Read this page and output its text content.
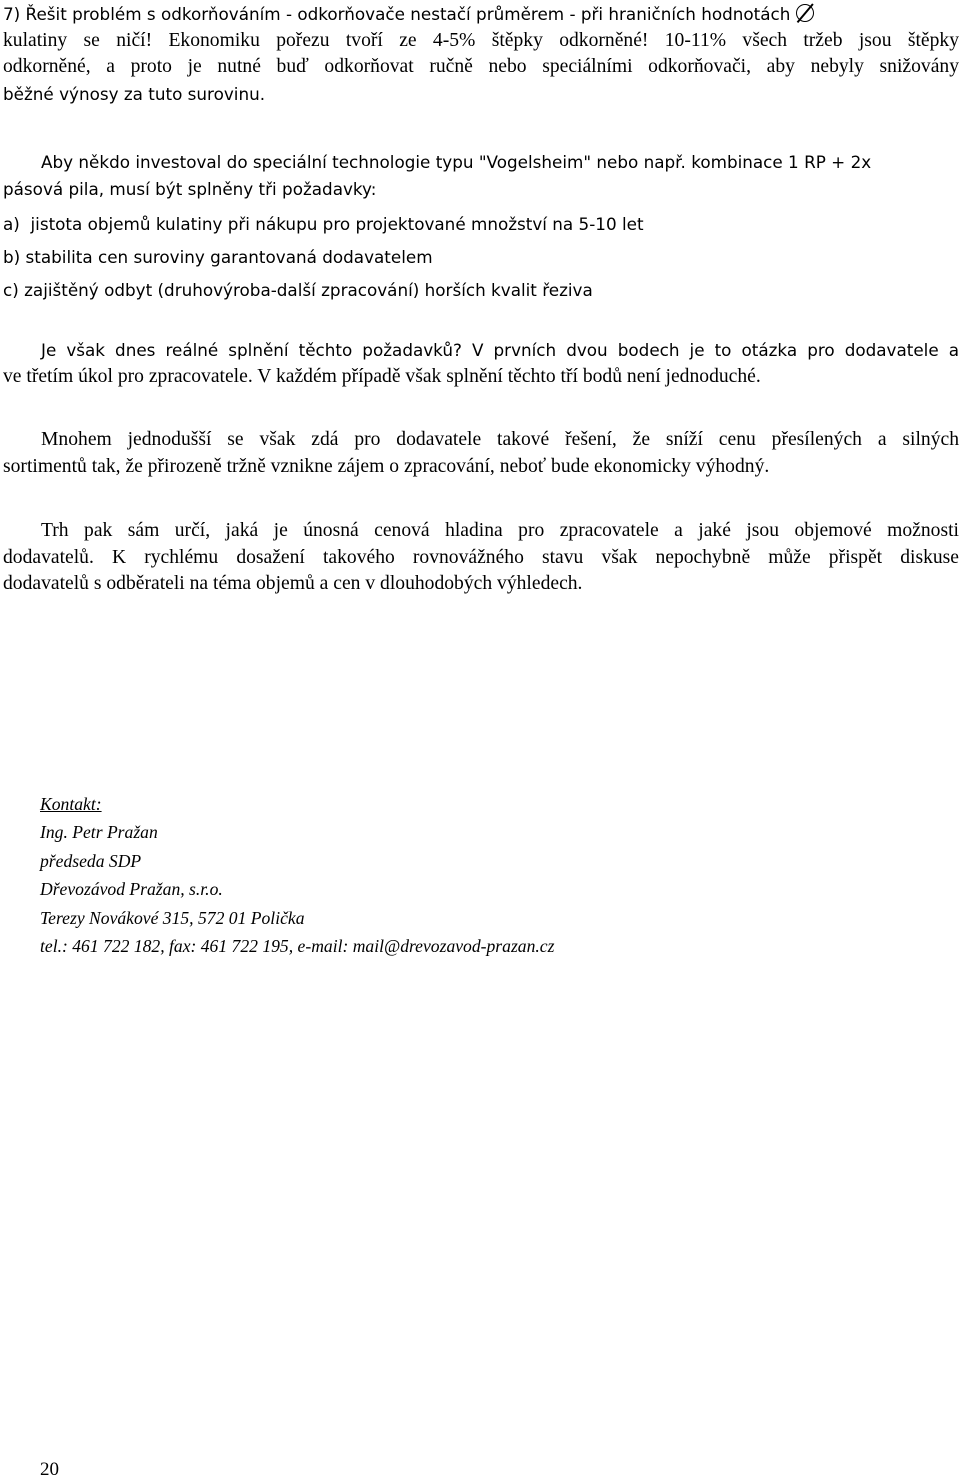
7) Řešit problém s odkorňováním - odkorňovače nestačí průměrem - při hraničních hodnotách
kulatiny se ničí! Ekonomiku pořezu tvoří ze 4-5% štěpky odkorněné! 10-11% všech tržeb jsou štěpky
odkorněné, a proto je nutné buď odkorňovat ručně nebo speciálními odkorňovači, aby nebyly snižovány
běžné výnosy za tuto surovinu.
Aby někdo investoval do speciální technologie typu "Vogelsheim" nebo např. kombinace 1 RP + 2x
pásová pila, musí být splněny tři požadavky:
a)  jistota objemů kulatiny při nákupu pro projektované množství na 5-10 let
b) stabilita cen suroviny garantovaná dodavatelem
c) zajištěný odbyt (druhovýroba-další zpracování) horších kvalit řeziva
Je však dnes reálné splnění těchto požadavků? V prvních dvou bodech je to otázka pro dodavatele a
ve třetím úkol pro zpracovatele. V každém případě však splnění těchto tří bodů není jednoduché.
Mnohem jednodušší se však zdá pro dodavatele takové řešení, že sníží cenu přesílených a silných
sortimentů tak, že přirozeně tržně vznikne zájem o zpracování, neboť bude ekonomicky výhodný.
Trh pak sám určí, jaká je únosná cenová hladina pro zpracovatele a jaké jsou objemové možnosti
dodavatelů. K rychlému dosažení takového rovnovážného stavu však nepochybně může přispět diskuse
dodavatelů s odběrateli na téma objemů a cen v dlouhodobých výhledech.
Kontakt:
Ing. Petr Pražan
předseda SDP
Dřevozávod Pražan, s.r.o.
Terezy Novákové 315, 572 01 Polička
tel.: 461 722 182, fax: 461 722 195, e-mail: mail@drevozavod-prazan.cz
20
